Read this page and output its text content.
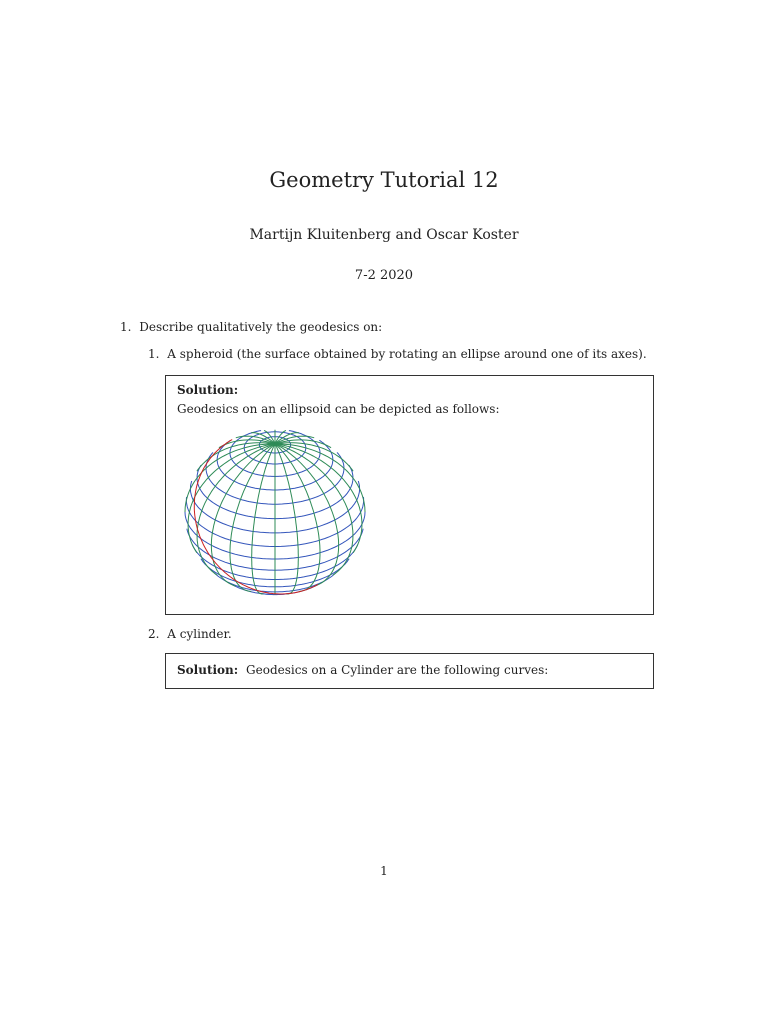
Geometry Tutorial 12
Martijn Kluitenberg and Oscar Koster
7-2 2020
1. Describe qualitatively the geodesics on:
1. A spheroid (the surface obtained by rotating an ellipse around one of its axes).
Solution:
Geodesics on an ellipsoid can be depicted as follows:
2. A cylinder.
Solution: Geodesics on a Cylinder are the following curves:
1
